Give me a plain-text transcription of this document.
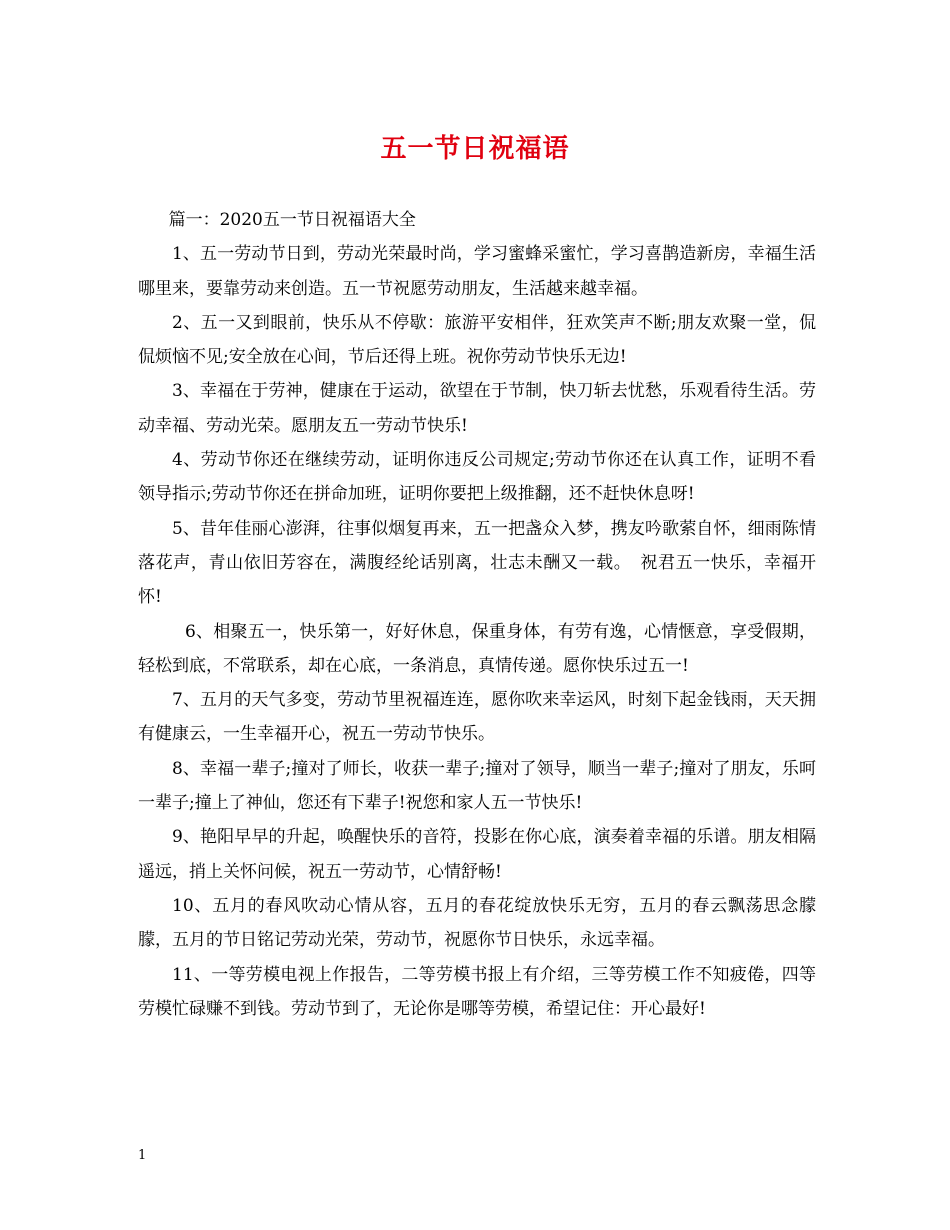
五一节日祝福语

篇一：2020五一节日祝福语大全

1、五一劳动节日到，劳动光荣最时尚，学习蜜蜂采蜜忙，学习喜鹊造新房，幸福生活哪里来，要靠劳动来创造。五一节祝愿劳动朋友，生活越来越幸福。

2、五一又到眼前，快乐从不停歇：旅游平安相伴，狂欢笑声不断;朋友欢聚一堂，侃侃烦恼不见;安全放在心间，节后还得上班。祝你劳动节快乐无边!

3、幸福在于劳神，健康在于运动，欲望在于节制，快刀斩去忧愁，乐观看待生活。劳动幸福、劳动光荣。愿朋友五一劳动节快乐!

4、劳动节你还在继续劳动，证明你违反公司规定;劳动节你还在认真工作，证明不看领导指示;劳动节你还在拼命加班，证明你要把上级推翻，还不赶快休息呀!

5、昔年佳丽心澎湃，往事似烟复再来，五一把盏众入梦，携友吟歌萦自怀，细雨陈情落花声，青山依旧芳容在，满腹经纶话别离，壮志未酬又一载。　祝君五一快乐，幸福开怀!

6、相聚五一，快乐第一，好好休息，保重身体，有劳有逸，心情惬意，享受假期，轻松到底，不常联系，却在心底，一条消息，真情传递。愿你快乐过五一!

7、五月的天气多变，劳动节里祝福连连，愿你吹来幸运风，时刻下起金钱雨，天天拥有健康云，一生幸福开心，祝五一劳动节快乐。

8、幸福一辈子;撞对了师长，收获一辈子;撞对了领导，顺当一辈子;撞对了朋友，乐呵一辈子;撞上了神仙，您还有下辈子!祝您和家人五一节快乐!

9、艳阳早早的升起，唤醒快乐的音符，投影在你心底，演奏着幸福的乐谱。朋友相隔遥远，捎上关怀问候，祝五一劳动节，心情舒畅!

10、五月的春风吹动心情从容，五月的春花绽放快乐无穷，五月的春云飘荡思念朦朦，五月的节日铭记劳动光荣，劳动节，祝愿你节日快乐，永远幸福。

11、一等劳模电视上作报告，二等劳模书报上有介绍，三等劳模工作不知疲倦，四等劳模忙碌赚不到钱。劳动节到了，无论你是哪等劳模，希望记住：开心最好!

1
